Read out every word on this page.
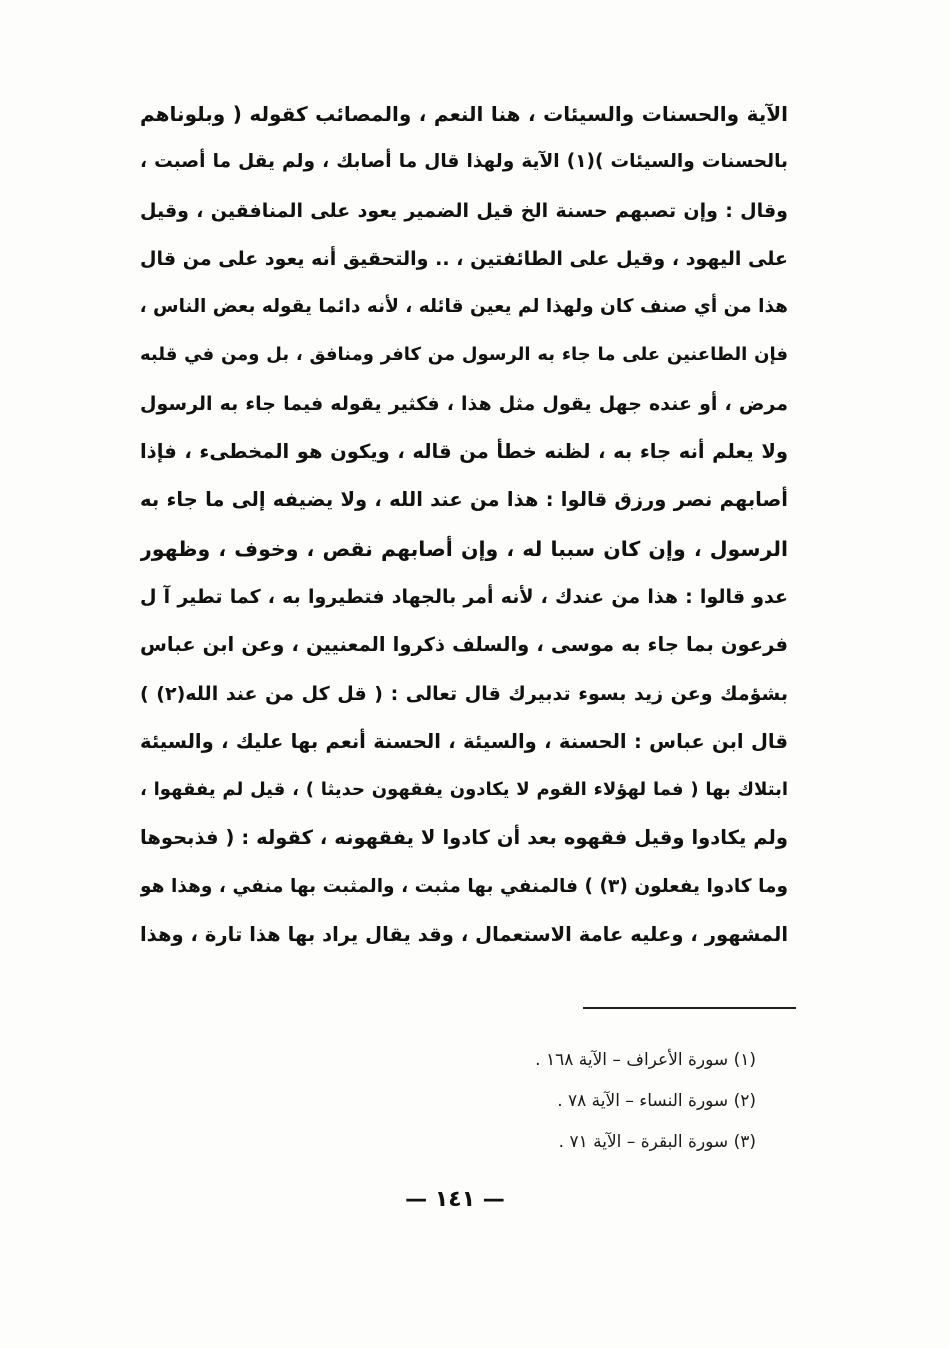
الآية والحسنات والسيئات ، هنا النعم ، والمصائب كقوله ( وبلوناهم
بالحسنات والسيئات )(١) الآية ولهذا قال ما أصابك ، ولم يقل ما أصبت ،
وقال : وإن تصبهم حسنة الخ قيل الضمير يعود على المنافقين ، وقيل
على اليهود ، وقيل على الطائفتين ، .. والتحقيق أنه يعود على من قال
هذا من أي صنف كان ولهذا لم يعين قائله ، لأنه دائما يقوله بعض الناس ،
فإن الطاعنين على ما جاء به الرسول من كافر ومنافق ، بل ومن في قلبه
مرض ، أو عنده جهل يقول مثل هذا ، فكثير يقوله فيما جاء به الرسول
ولا يعلم أنه جاء به ، لظنه خطأ من قاله ، ويكون هو المخطىء ، فإذا
أصابهم نصر ورزق قالوا : هذا من عند الله ، ولا يضيفه إلى ما جاء به
الرسول ، وإن كان سببا له ، وإن أصابهم نقص ، وخوف ، وظهور
عدو قالوا : هذا من عندك ، لأنه أمر بالجهاد فتطيروا به ، كما تطير آ ل
فرعون بما جاء به موسى ، والسلف ذكروا المعنيين ، وعن ابن عباس
بشؤمك وعن زيد بسوء تدبيرك قال تعالى : ( قل كل من عند الله(٢) )
قال ابن عباس : الحسنة ، والسيئة ، الحسنة أنعم بها عليك ، والسيئة
ابتلاك بها ( فما لهؤلاء القوم لا يكادون يفقهون حديثا ) ، قيل لم يفقهوا ،
ولم يكادوا وقيل فقهوه بعد أن كادوا لا يفقهونه ، كقوله : ( فذبحوها
وما كادوا يفعلون (٣) ) فالمنفي بها مثبت ، والمثبت بها منفي ، وهذا هو
المشهور ، وعليه عامة الاستعمال ، وقد يقال يراد بها هذا تارة ، وهذا
(١) سورة الأعراف – الآية ١٦٨ .
(٢) سورة النساء – الآية ٧٨ .
(٣) سورة البقرة – الآية ٧١ .
— ١٤١ —
